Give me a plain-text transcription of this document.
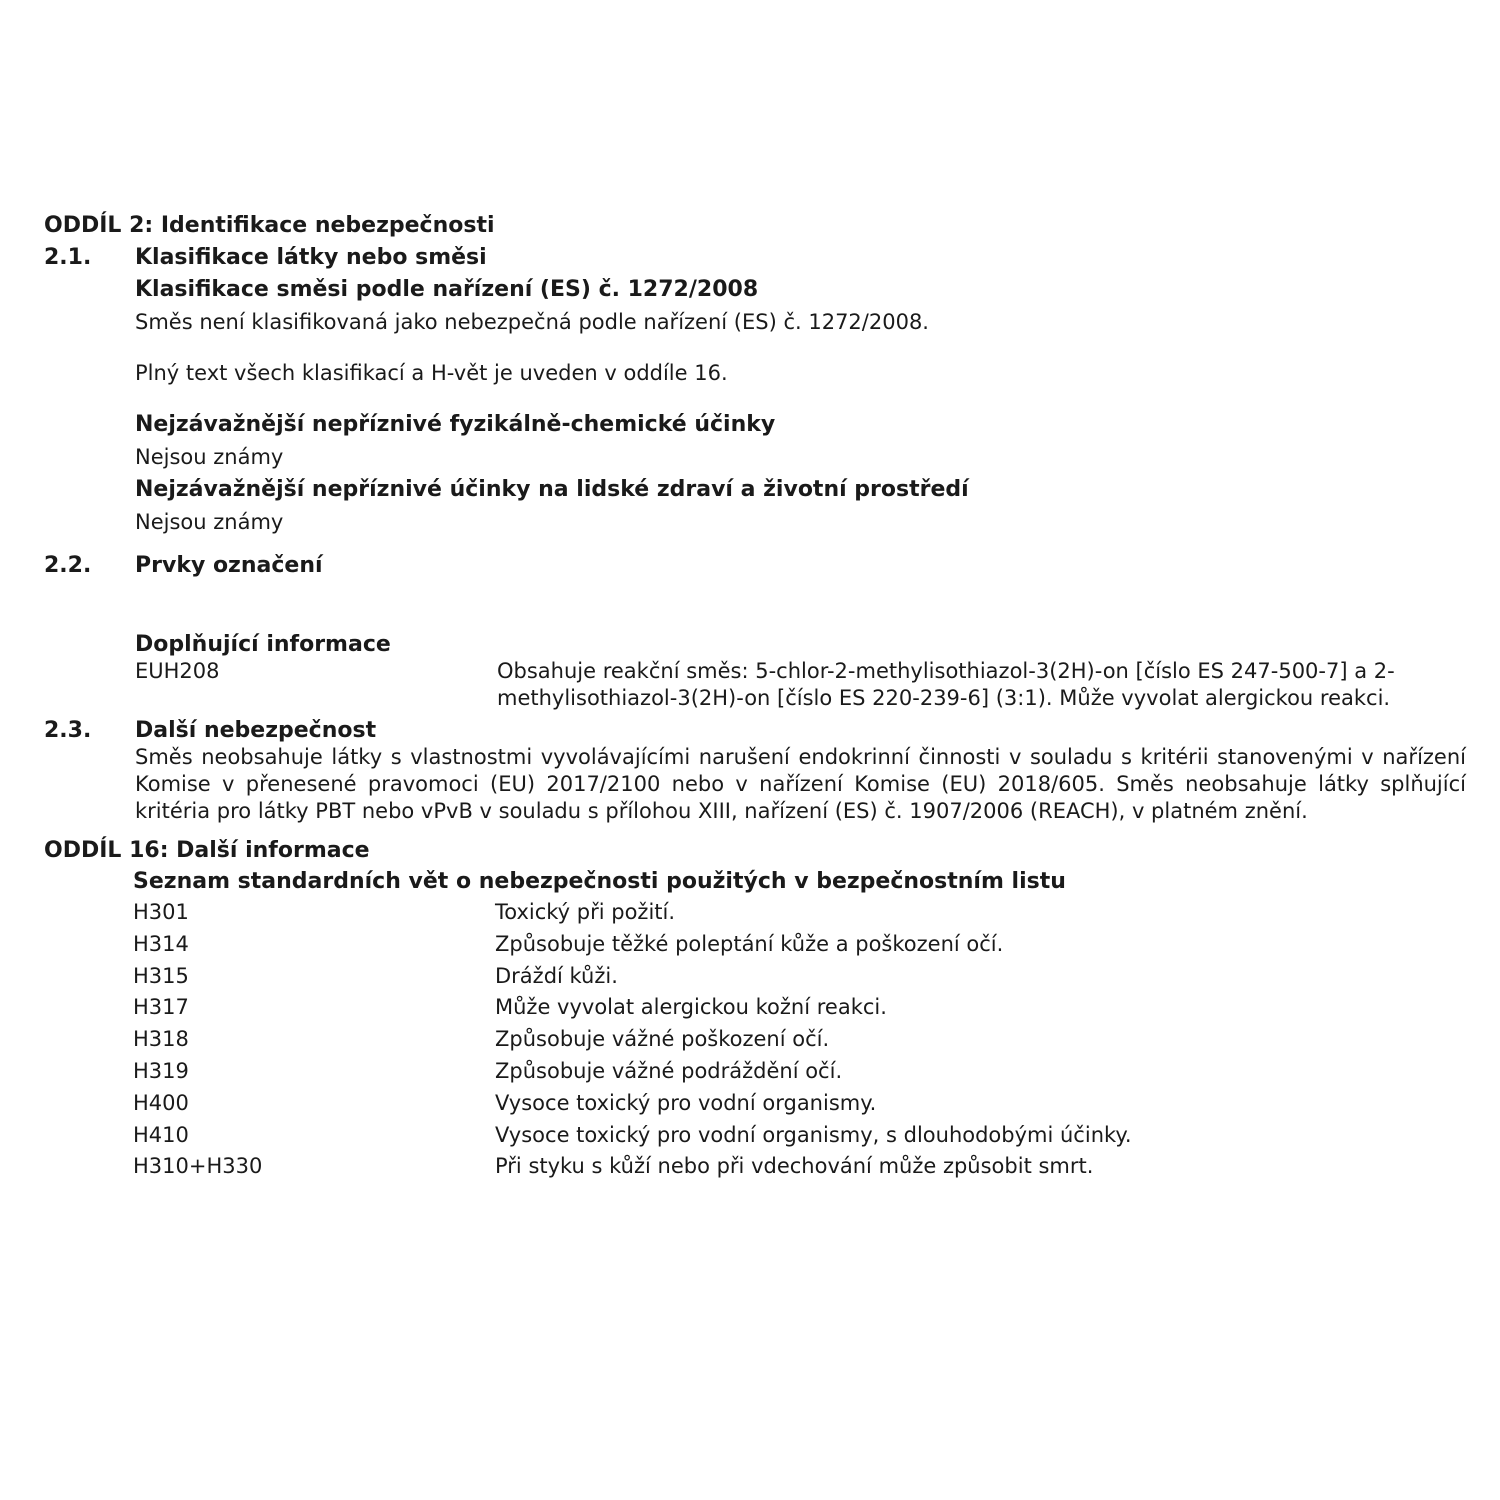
ODDÍL 2: Identifikace nebezpečnosti
2.1.	Klasifikace látky nebo směsi
Klasifikace směsi podle nařízení (ES) č. 1272/2008
Směs není klasifikovaná jako nebezpečná podle nařízení (ES) č. 1272/2008.
Plný text všech klasifikací a H-vět je uveden v oddíle 16.
Nejzávažnější nepříznivé fyzikálně-chemické účinky
Nejsou známy
Nejzávažnější nepříznivé účinky na lidské zdraví a životní prostředí
Nejsou známy
2.2.	Prvky označení
Doplňující informace
EUH208	Obsahuje reakční směs: 5-chlor-2-methylisothiazol-3(2H)-on [číslo ES 247-500-7] a 2-methylisothiazol-3(2H)-on [číslo ES 220-239-6] (3:1). Může vyvolat alergickou reakci.
2.3.	Další nebezpečnost
Směs neobsahuje látky s vlastnostmi vyvolávajícími narušení endokrinní činnosti v souladu s kritérii stanovenými v nařízení Komise v přenesené pravomoci (EU) 2017/2100 nebo v nařízení Komise (EU) 2018/605. Směs neobsahuje látky splňující kritéria pro látky PBT nebo vPvB v souladu s přílohou XIII, nařízení (ES) č. 1907/2006 (REACH), v platném znění.
ODDÍL 16: Další informace
Seznam standardních vět o nebezpečnosti použitých v bezpečnostním listu
H301	Toxický při požití.
H314	Způsobuje těžké poleptání kůže a poškození očí.
H315	Dráždí kůži.
H317	Může vyvolat alergickou kožní reakci.
H318	Způsobuje vážné poškození očí.
H319	Způsobuje vážné podráždění očí.
H400	Vysoce toxický pro vodní organismy.
H410	Vysoce toxický pro vodní organismy, s dlouhodobými účinky.
H310+H330	Při styku s kůží nebo při vdechování může způsobit smrt.
